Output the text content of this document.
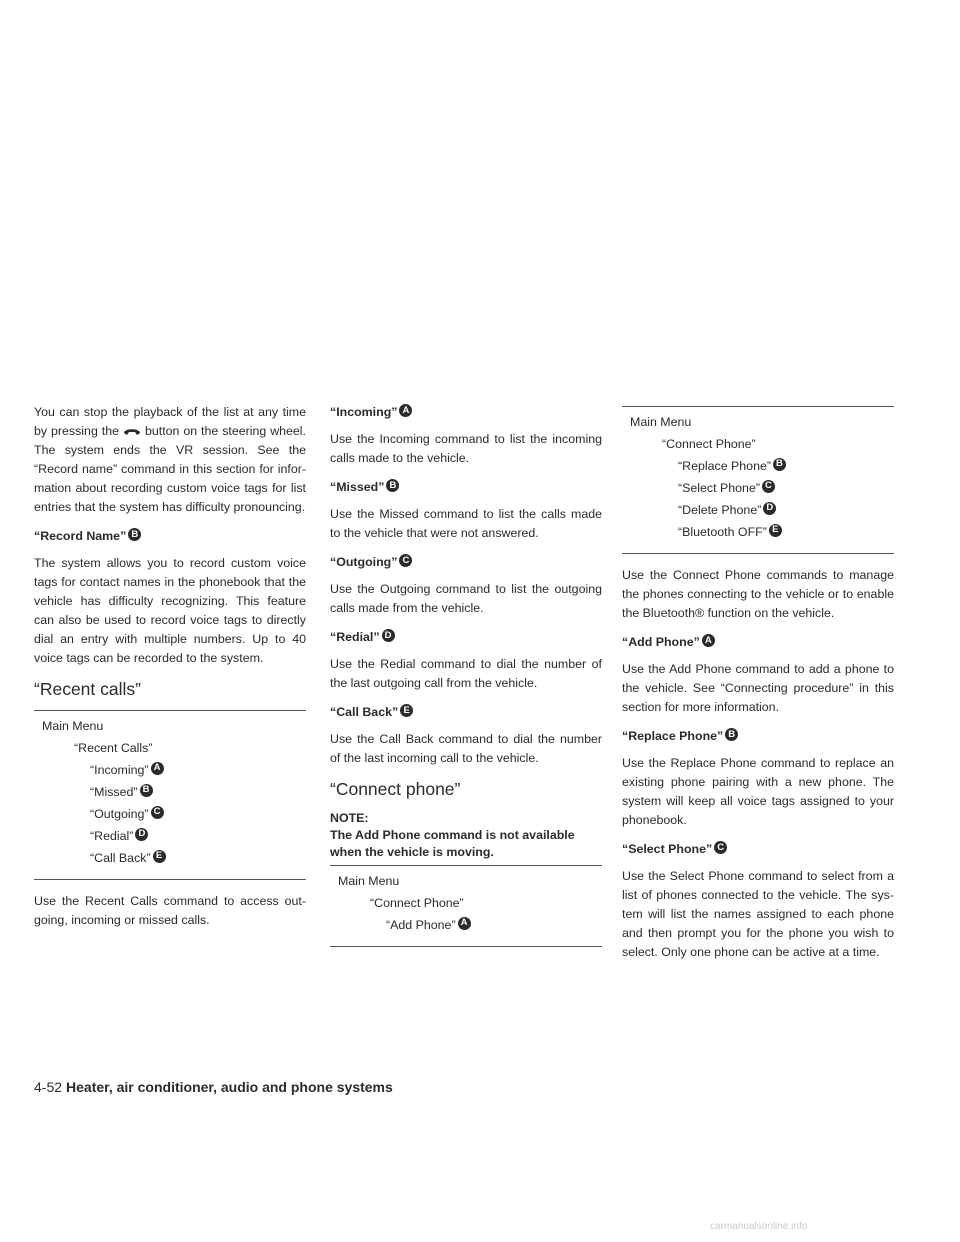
You can stop the playback of the list at any time by pressing the button on the steering wheel. The system ends the VR session. See the “Record name” command in this section for information about recording custom voice tags for list entries that the system has difficulty pronouncing.

“Record Name” B

The system allows you to record custom voice tags for contact names in the phonebook that the vehicle has difficulty recognizing. This feature can also be used to record voice tags to directly dial an entry with multiple numbers. Up to 40 voice tags can be recorded to the system.

“Recent calls”
Main Menu
“Recent Calls”
“Incoming” A
“Missed” B
“Outgoing” C
“Redial” D
“Call Back” E

Use the Recent Calls command to access outgoing, incoming or missed calls.

“Incoming” A

Use the Incoming command to list the incoming calls made to the vehicle.

“Missed” B

Use the Missed command to list the calls made to the vehicle that were not answered.

“Outgoing” C

Use the Outgoing command to list the outgoing calls made from the vehicle.

“Redial” D

Use the Redial command to dial the number of the last outgoing call from the vehicle.

“Call Back” E

Use the Call Back command to dial the number of the last incoming call to the vehicle.

“Connect phone”
NOTE:
The Add Phone command is not available when the vehicle is moving.
Main Menu
“Connect Phone”
“Add Phone” A
Main Menu
“Connect Phone”
“Replace Phone” B
“Select Phone” C
“Delete Phone” D
“Bluetooth OFF” E

Use the Connect Phone commands to manage the phones connecting to the vehicle or to enable the Bluetooth® function on the vehicle.

“Add Phone” A

Use the Add Phone command to add a phone to the vehicle. See “Connecting procedure” in this section for more information.

“Replace Phone” B

Use the Replace Phone command to replace an existing phone pairing with a new phone. The system will keep all voice tags assigned to your phonebook.

“Select Phone” C

Use the Select Phone command to select from a list of phones connected to the vehicle. The system will list the names assigned to each phone and then prompt you for the phone you wish to select. Only one phone can be active at a time.

4-52 Heater, air conditioner, audio and phone systems
carmanualsonline.info
